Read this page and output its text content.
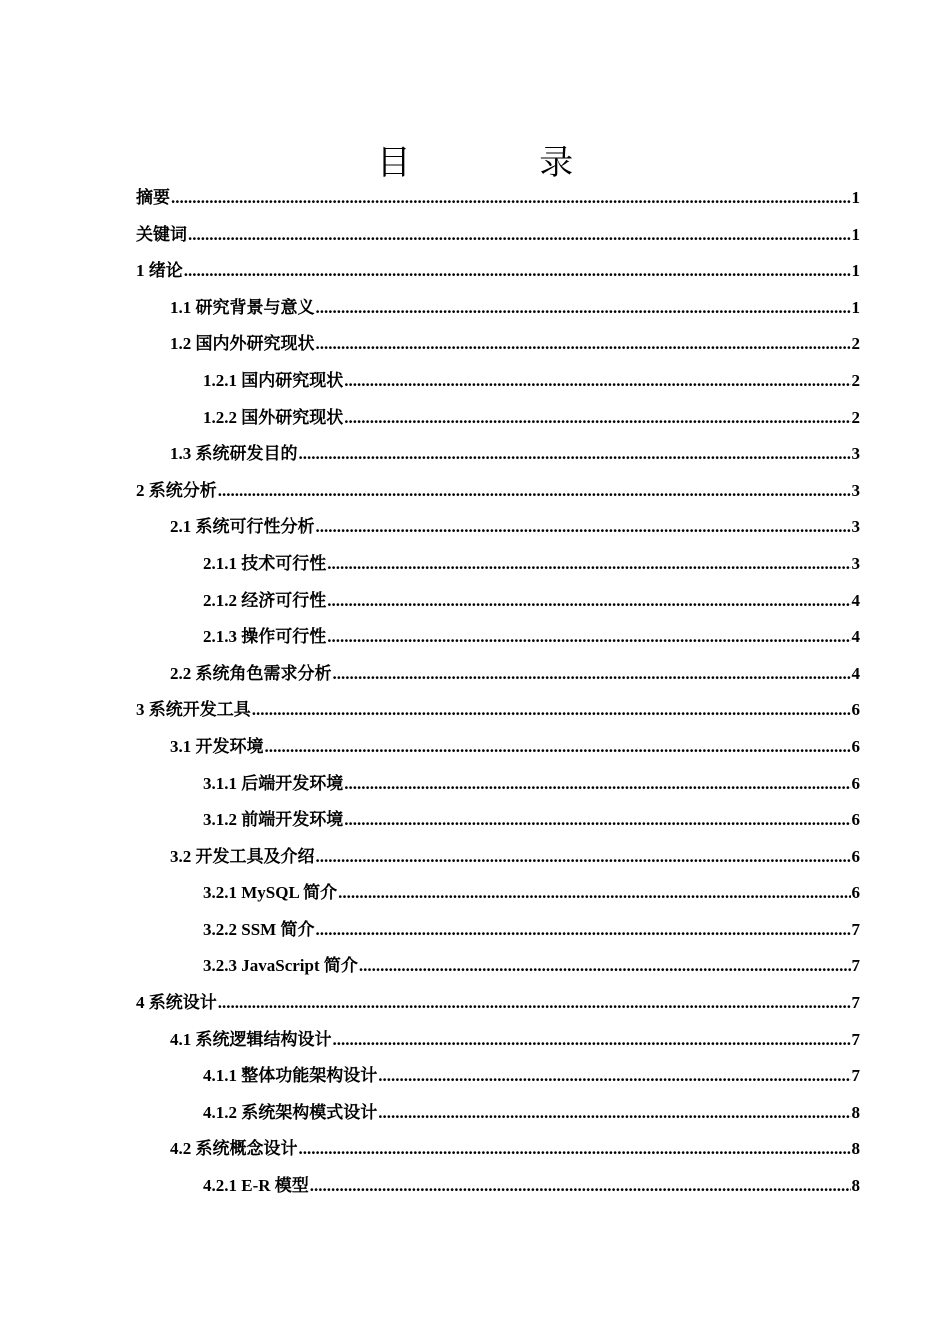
目 录
摘要 .....	1
关键词 .....	1
1 绪论 .....	1
1.1 研究背景与意义 .....	1
1.2 国内外研究现状 .....	2
1.2.1 国内研究现状 .....	2
1.2.2 国外研究现状 .....	2
1.3 系统研发目的 .....	3
2 系统分析 .....	3
2.1 系统可行性分析 .....	3
2.1.1 技术可行性 .....	3
2.1.2 经济可行性 .....	4
2.1.3 操作可行性 .....	4
2.2 系统角色需求分析 .....	4
3 系统开发工具 .....	6
3.1 开发环境 .....	6
3.1.1 后端开发环境 .....	6
3.1.2 前端开发环境 .....	6
3.2 开发工具及介绍 .....	6
3.2.1 MySQL 简介 .....	6
3.2.2 SSM 简介 .....	7
3.2.3 JavaScript 简介 .....	7
4 系统设计 .....	7
4.1 系统逻辑结构设计 .....	7
4.1.1 整体功能架构设计 .....	7
4.1.2 系统架构模式设计 .....	8
4.2 系统概念设计 .....	8
4.2.1 E-R 模型 .....	8
